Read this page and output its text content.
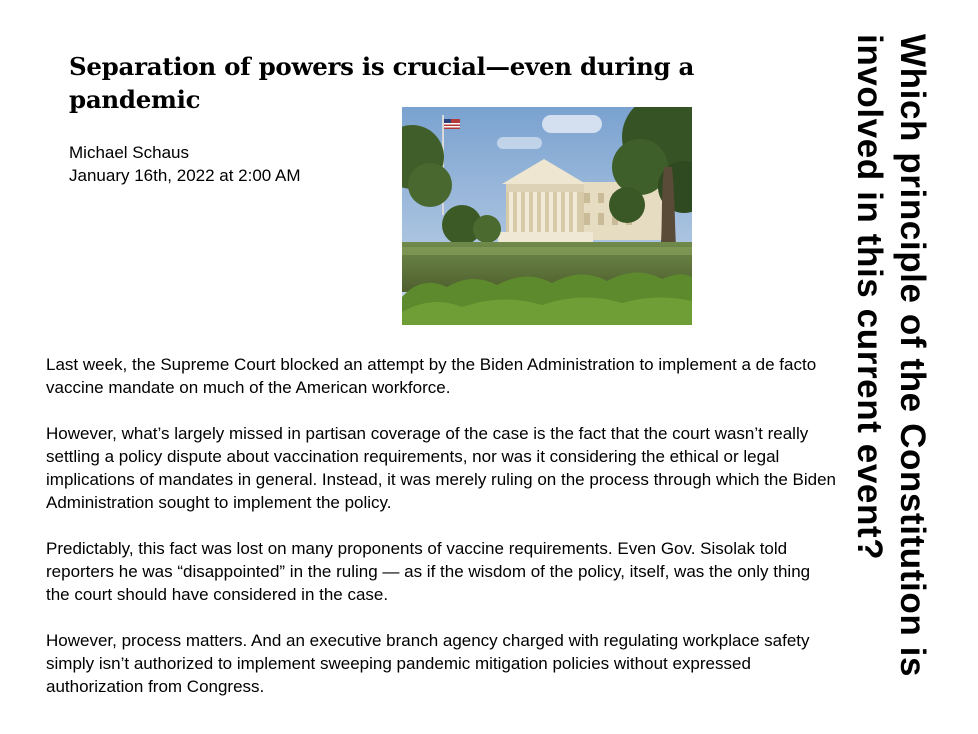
Separation of powers is crucial—even during a pandemic
Michael Schaus
January 16th, 2022 at 2:00 AM

Last week, the Supreme Court blocked an attempt by the Biden Administration to implement a de facto vaccine mandate on much of the American workforce.

However, what’s largely missed in partisan coverage of the case is the fact that the court wasn’t really settling a policy dispute about vaccination requirements, nor was it considering the ethical or legal implications of mandates in general. Instead, it was merely ruling on the process through which the Biden Administration sought to implement the policy.

Predictably, this fact was lost on many proponents of vaccine requirements. Even Gov. Sisolak told reporters he was “disappointed” in the ruling — as if the wisdom of the policy, itself, was the only thing the court should have considered in the case.

However, process matters. And an executive branch agency charged with regulating workplace safety simply isn’t authorized to implement sweeping pandemic mitigation policies without expressed authorization from Congress.

Which principle of the Constitution is involved in this current event?
